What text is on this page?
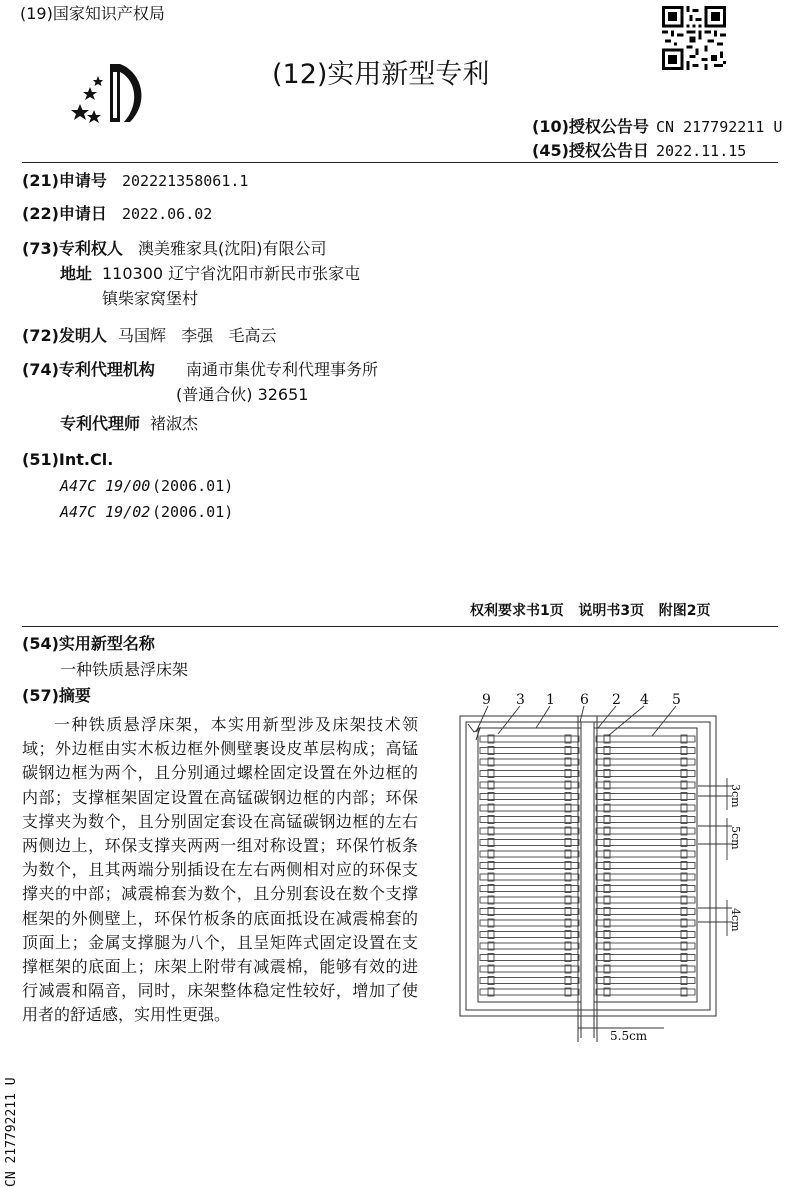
(19)国家知识产权局
(12)实用新型专利
(10)授权公告号 CN 217792211 U
(45)授权公告日 2022.11.15
(21)申请号 202221358061.1
(22)申请日 2022.06.02
(73)专利权人 澳美雅家具(沈阳)有限公司
地址 110300 辽宁省沈阳市新民市张家屯
镇柴家窝堡村
(72)发明人 马国辉   李强   毛高云
(74)专利代理机构 南通市集优专利代理事务所
(普通合伙) 32651
专利代理师 褚淑杰
(51)Int.Cl.
A47C 19/00 (2006.01)
A47C 19/02 (2006.01)
权利要求书1页   说明书3页   附图2页
(54)实用新型名称
一种铁质悬浮床架
(57)摘要

一种铁质悬浮床架，本实用新型涉及床架技术领域；外边框由实木板边框外侧壁裹设皮革层构成；高锰碳钢边框为两个，且分别通过螺栓固定设置在外边框的内部；支撑框架固定设置在高锰碳钢边框的内部；环保支撑夹为数个，且分别固定套设在高锰碳钢边框的左右两侧边上，环保支撑夹两两一组对称设置；环保竹板条为数个，且其两端分别插设在左右两侧相对应的环保支撑夹的中部；减震棉套为数个，且分别套设在数个支撑框架的外侧壁上，环保竹板条的底面抵设在减震棉套的顶面上；金属支撑腿为八个，且呈矩阵式固定设置在支撑框架的底面上；床架上附带有减震棉，能够有效的进行减震和隔音，同时，床架整体稳定性较好，增加了使用者的舒适感，实用性更强。

9 3 1 6 2 4 5
3cm
5cm
4cm
5.5cm
CN 217792211 U
